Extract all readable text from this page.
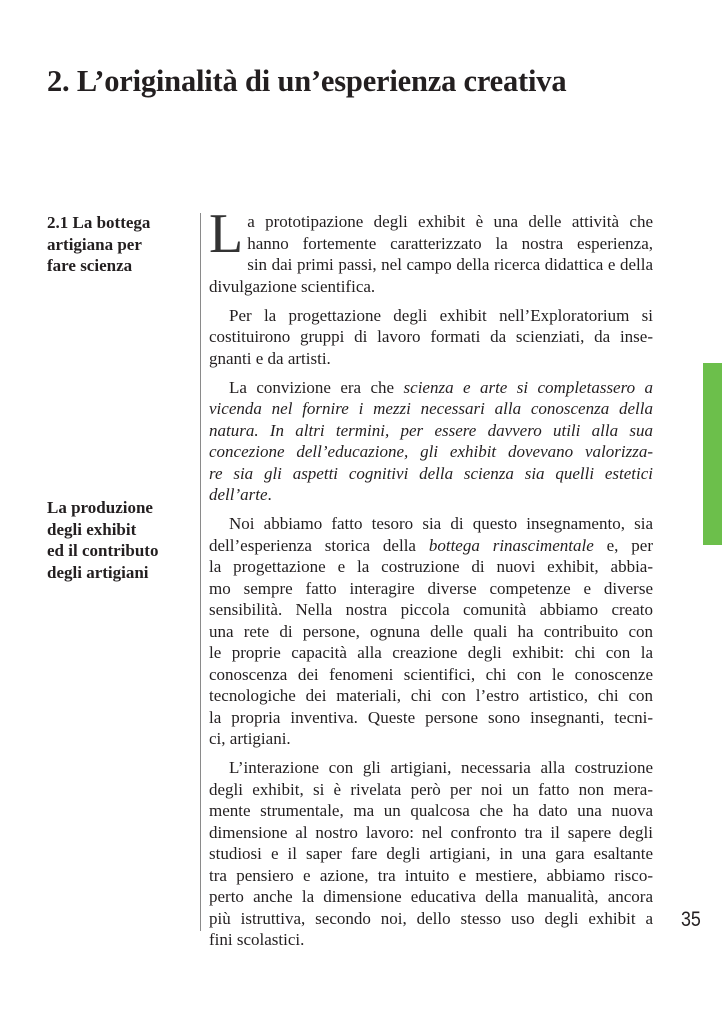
2. L’originalità di un’esperienza creativa
2.1 La bottega
artigiana per
fare scienza
La produzione
degli exhibit
ed il contributo
degli artigiani
L a prototipazione degli exhibit è una delle attività che
hanno fortemente caratterizzato la nostra esperienza,
sin dai primi passi, nel campo della ricerca didattica e della
divulgazione scientifica.
Per la progettazione degli exhibit nell’Exploratorium si
costituirono gruppi di lavoro formati da scienziati, da inse-
gnanti e da artisti.
La convizione era che scienza e arte si completassero a
vicenda nel fornire i mezzi necessari alla conoscenza della
natura. In altri termini, per essere davvero utili alla sua
concezione dell’educazione, gli exhibit dovevano valorizza-
re sia gli aspetti cognitivi della scienza sia quelli estetici
dell’arte.
Noi abbiamo fatto tesoro sia di questo insegnamento, sia
dell’esperienza storica della bottega rinascimentale e, per
la progettazione e la costruzione di nuovi exhibit, abbia-
mo sempre fatto interagire diverse competenze e diverse
sensibilità. Nella nostra piccola comunità abbiamo creato
una rete di persone, ognuna delle quali ha contribuito con
le proprie capacità alla creazione degli exhibit: chi con la
conoscenza dei fenomeni scientifici, chi con le conoscenze
tecnologiche dei materiali, chi con l’estro artistico, chi con
la propria inventiva. Queste persone sono insegnanti, tecni-
ci, artigiani.
L’interazione con gli artigiani, necessaria alla costruzione
degli exhibit, si è rivelata però per noi un fatto non mera-
mente strumentale, ma un qualcosa che ha dato una nuova
dimensione al nostro lavoro: nel confronto tra il sapere degli
studiosi e il saper fare degli artigiani, in una gara esaltante
tra pensiero e azione, tra intuito e mestiere, abbiamo risco-
perto anche la dimensione educativa della manualità, ancora
più istruttiva, secondo noi, dello stesso uso degli exhibit a
fini scolastici.
35
